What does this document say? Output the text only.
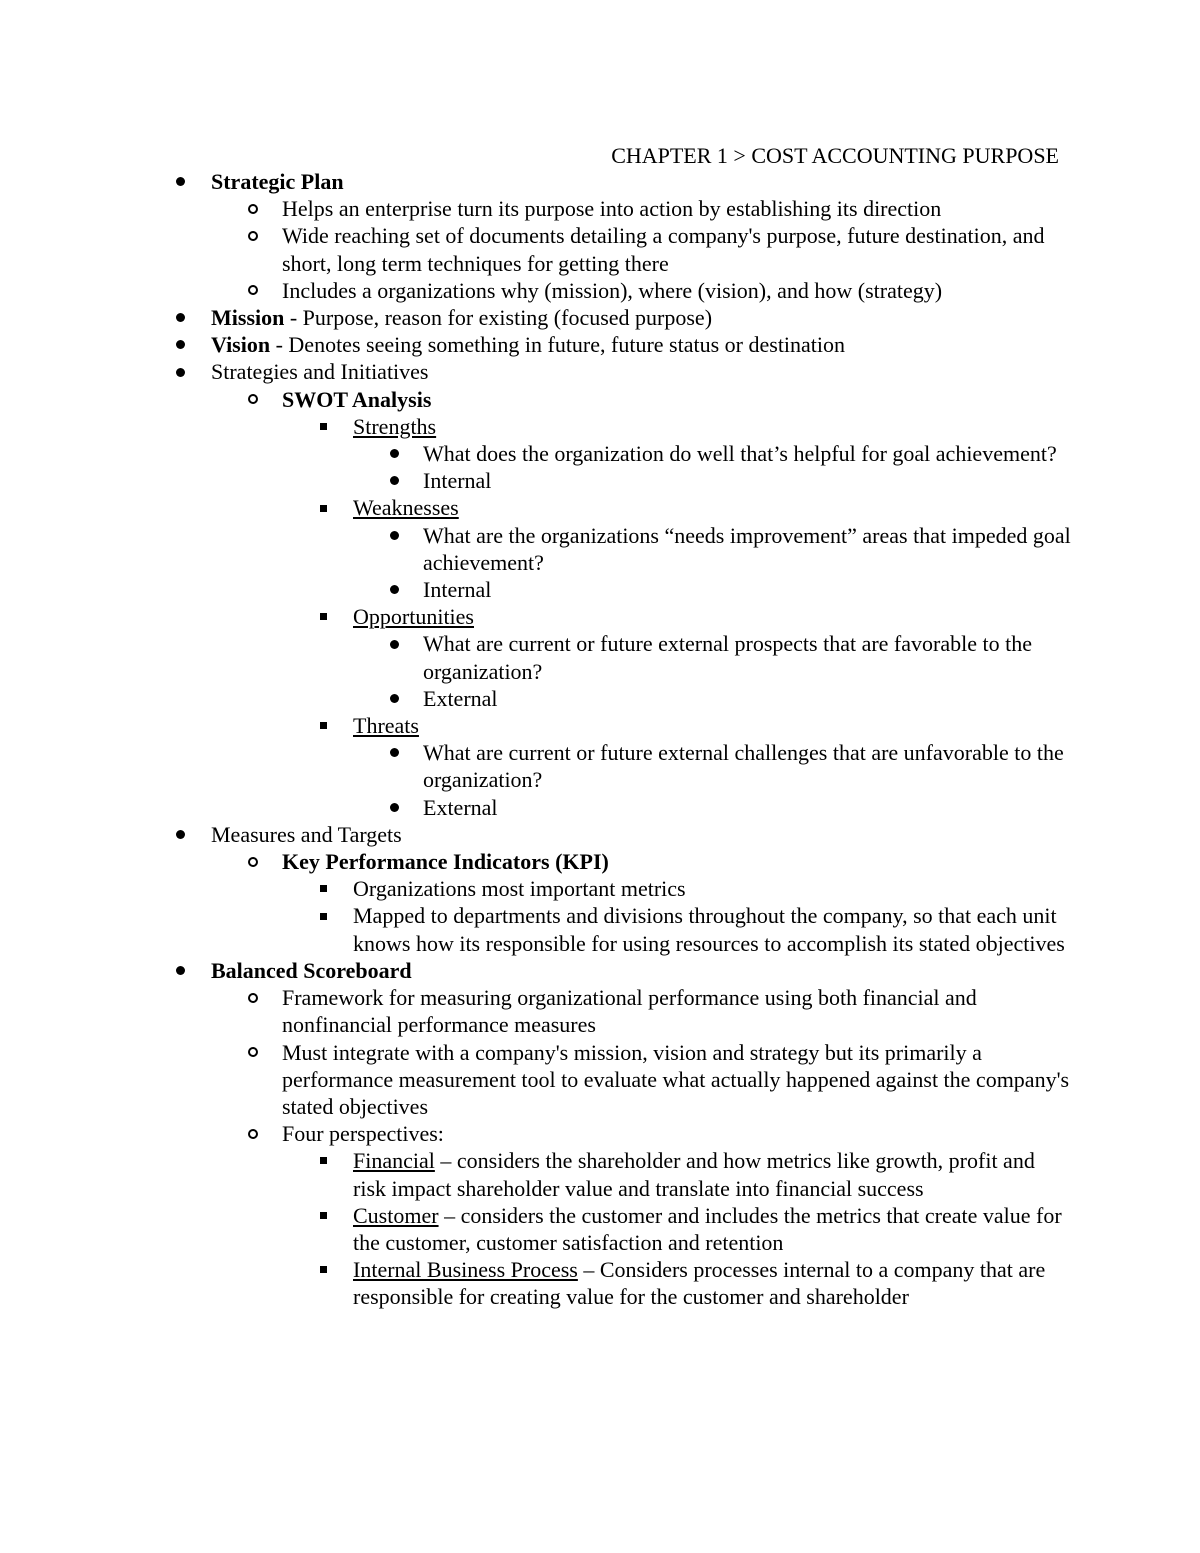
CHAPTER 1 > COST ACCOUNTING PURPOSE
Strategic Plan
Helps an enterprise turn its purpose into action by establishing its direction
Wide reaching set of documents detailing a company's purpose, future destination, and short, long term techniques for getting there
Includes a organizations why (mission), where (vision), and how (strategy)
Mission - Purpose, reason for existing (focused purpose)
Vision - Denotes seeing something in future, future status or destination
Strategies and Initiatives
SWOT Analysis
Strengths
What does the organization do well that’s helpful for goal achievement?
Internal
Weaknesses
What are the organizations “needs improvement” areas that impeded goal achievement?
Internal
Opportunities
What are current or future external prospects that are favorable to the organization?
External
Threats
What are current or future external challenges that are unfavorable to the organization?
External
Measures and Targets
Key Performance Indicators (KPI)
Organizations most important metrics
Mapped to departments and divisions throughout the company, so that each unit knows how its responsible for using resources to accomplish its stated objectives
Balanced Scoreboard
Framework for measuring organizational performance using both financial and nonfinancial performance measures
Must integrate with a company's mission, vision and strategy but its primarily a performance measurement tool to evaluate what actually happened against the company's stated objectives
Four perspectives:
Financial – considers the shareholder and how metrics like growth, profit and risk impact shareholder value and translate into financial success
Customer – considers the customer and includes the metrics that create value for the customer, customer satisfaction and retention
Internal Business Process – Considers processes internal to a company that are responsible for creating value for the customer and shareholder
